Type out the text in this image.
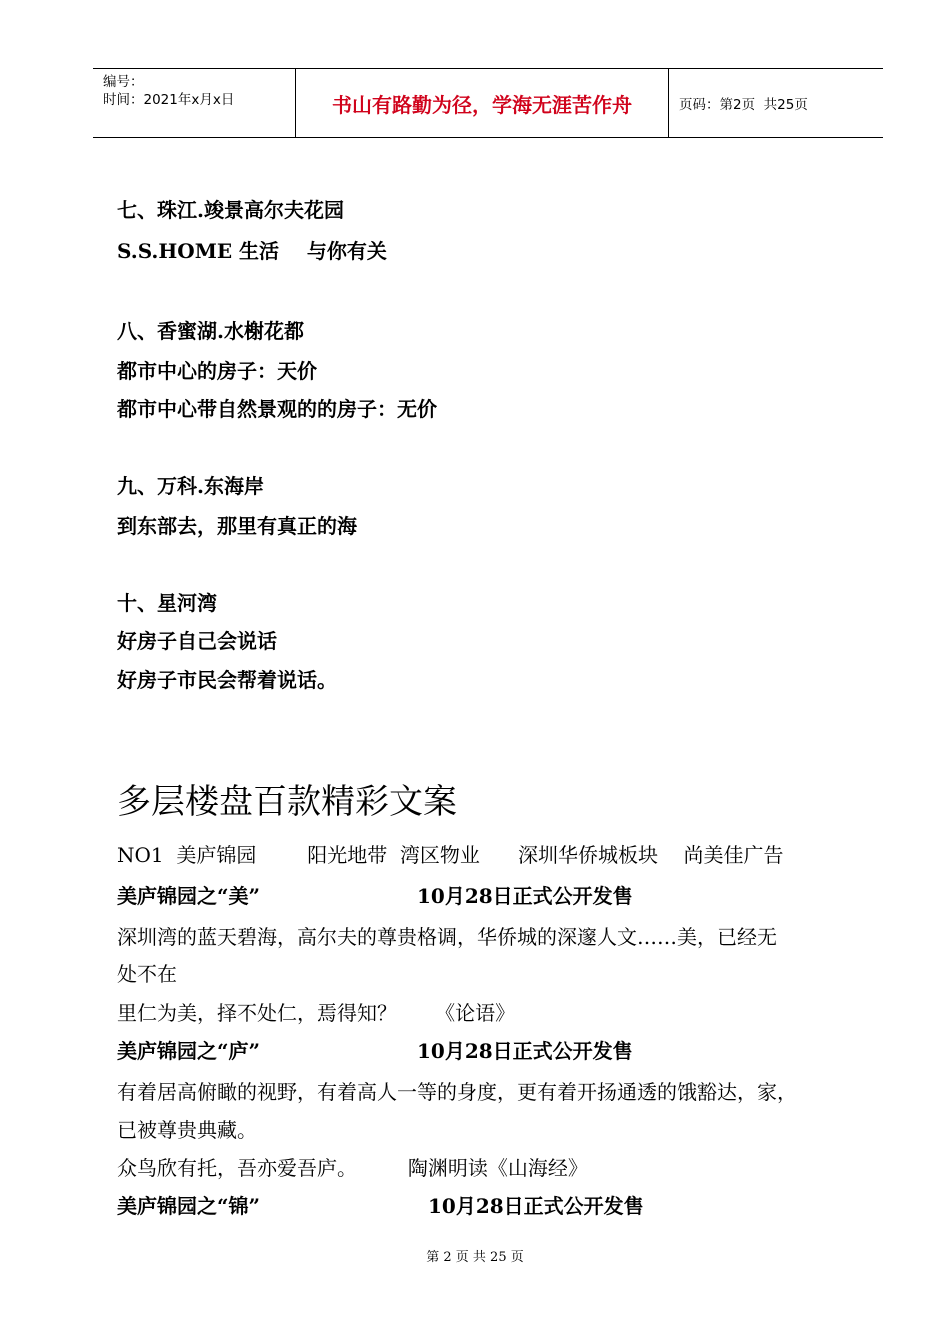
编号：
时间：2021年x月x日	书山有路勤为径，学海无涯苦作舟	页码：第2页  共25页
七、珠江.竣景高尔夫花园
S.S.HOME 生活    与你有关
八、香蜜湖.水榭花都
都市中心的房子：天价
都市中心带自然景观的的房子：无价
九、万科.东海岸
到东部去，那里有真正的海
十、星河湾
好房子自己会说话
好房子市民会帮着说话。
多层楼盘百款精彩文案
NO1  美庐锦园        阳光地带  湾区物业      深圳华侨城板块    尚美佳广告
美庐锦园之“美”	10月28日正式公开发售
深圳湾的蓝天碧海，高尔夫的尊贵格调，华侨城的深邃人文……美，已经无
处不在
里仁为美，择不处仁，焉得知？      《论语》
美庐锦园之“庐”	10月28日正式公开发售
有着居高俯瞰的视野，有着高人一等的身度，更有着开扬通透的饿豁达，家，
已被尊贵典藏。
众鸟欣有托，吾亦爱吾庐。        陶渊明读《山海经》
美庐锦园之“锦”	10月28日正式公开发售
第 2 页 共 25 页
